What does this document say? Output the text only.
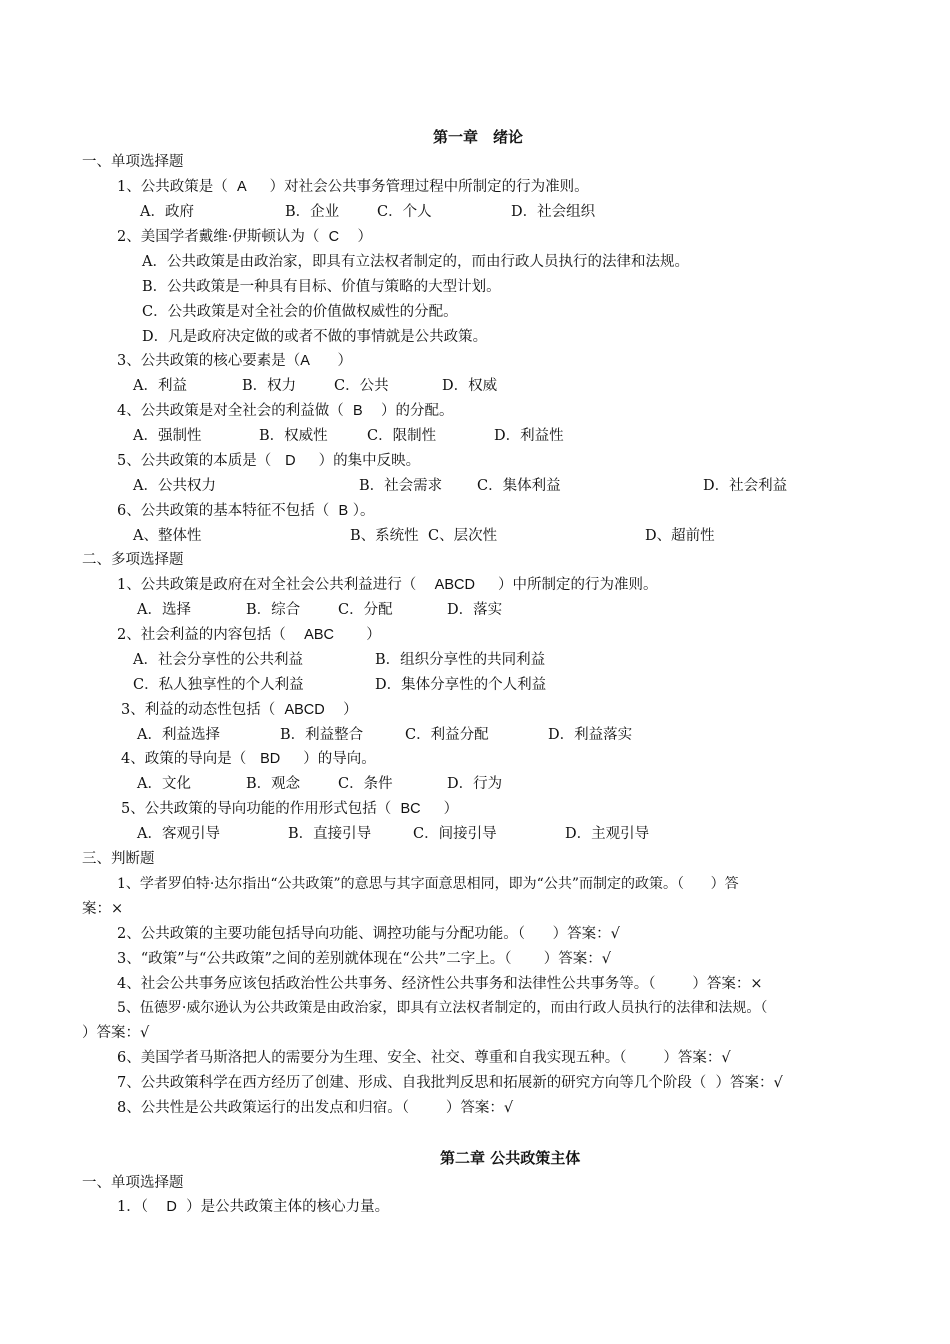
第一章　绪论
一、单项选择题
1、公共政策是（  A     ）对社会公共事务管理过程中所制定的行为准则。
A．政府	B．企业	C．个人	D．社会组织
2、美国学者戴维·伊斯顿认为（  C    ）
A．公共政策是由政治家，即具有立法权者制定的，而由行政人员执行的法律和法规。
B．公共政策是一种具有目标、价值与策略的大型计划。
C．公共政策是对全社会的价值做权威性的分配。
D．凡是政府决定做的或者不做的事情就是公共政策。
3、公共政策的核心要素是（A      ）
A．利益	B．权力	C．公共	D．权威
4、公共政策是对全社会的利益做（  B    ）的分配。
A．强制性	B．权威性	C．限制性	D．利益性
5、公共政策的本质是（   D     ）的集中反映。
A．公共权力	B．社会需求 C．集体利益	D．社会利益
6、公共政策的基本特征不包括（  B ）。
A、整体性	B、系统性 C、层次性	D、超前性
二、多项选择题
1、公共政策是政府在对全社会公共利益进行（    ABCD     ）中所制定的行为准则。
A．选择	B．综合	C．分配	D．落实
2、社会利益的内容包括（    ABC       ）
A．社会分享性的公共利益	B．组织分享性的共同利益
C．私人独享性的个人利益	D．集体分享性的个人利益
3、利益的动态性包括（  ABCD    ）
A．利益选择	B．利益整合	C．利益分配	D．利益落实
4、政策的导向是（   BD     ）的导向。
A．文化	B．观念	C．条件	D．行为
5、公共政策的导向功能的作用形式包括（  BC     ）
A．客观引导	B．直接引导	C．间接引导	D．主观引导
三、判断题
1、学者罗伯特·达尔指出“公共政策”的意思与其字面意思相同，即为“公共”而制定的政策。（      ）答
案：×
2、公共政策的主要功能包括导向功能、调控功能与分配功能。（      ）答案：√
3、“政策”与“公共政策”之间的差别就体现在“公共”二字上。（       ）答案：√
4、社会公共事务应该包括政治性公共事务、经济性公共事务和法律性公共事务等。（        ）答案：×
5、伍德罗·威尔逊认为公共政策是由政治家，即具有立法权者制定的，而由行政人员执行的法律和法规。（
）答案：√
6、美国学者马斯洛把人的需要分为生理、安全、社交、尊重和自我实现五种。（        ）答案：√
7、公共政策科学在西方经历了创建、形成、自我批判反思和拓展新的研究方向等几个阶段（  ）答案：√
8、公共性是公共政策运行的出发点和归宿。（        ）答案：√
第二章 公共政策主体
一、单项选择题
1．（    D  ）是公共政策主体的核心力量。
